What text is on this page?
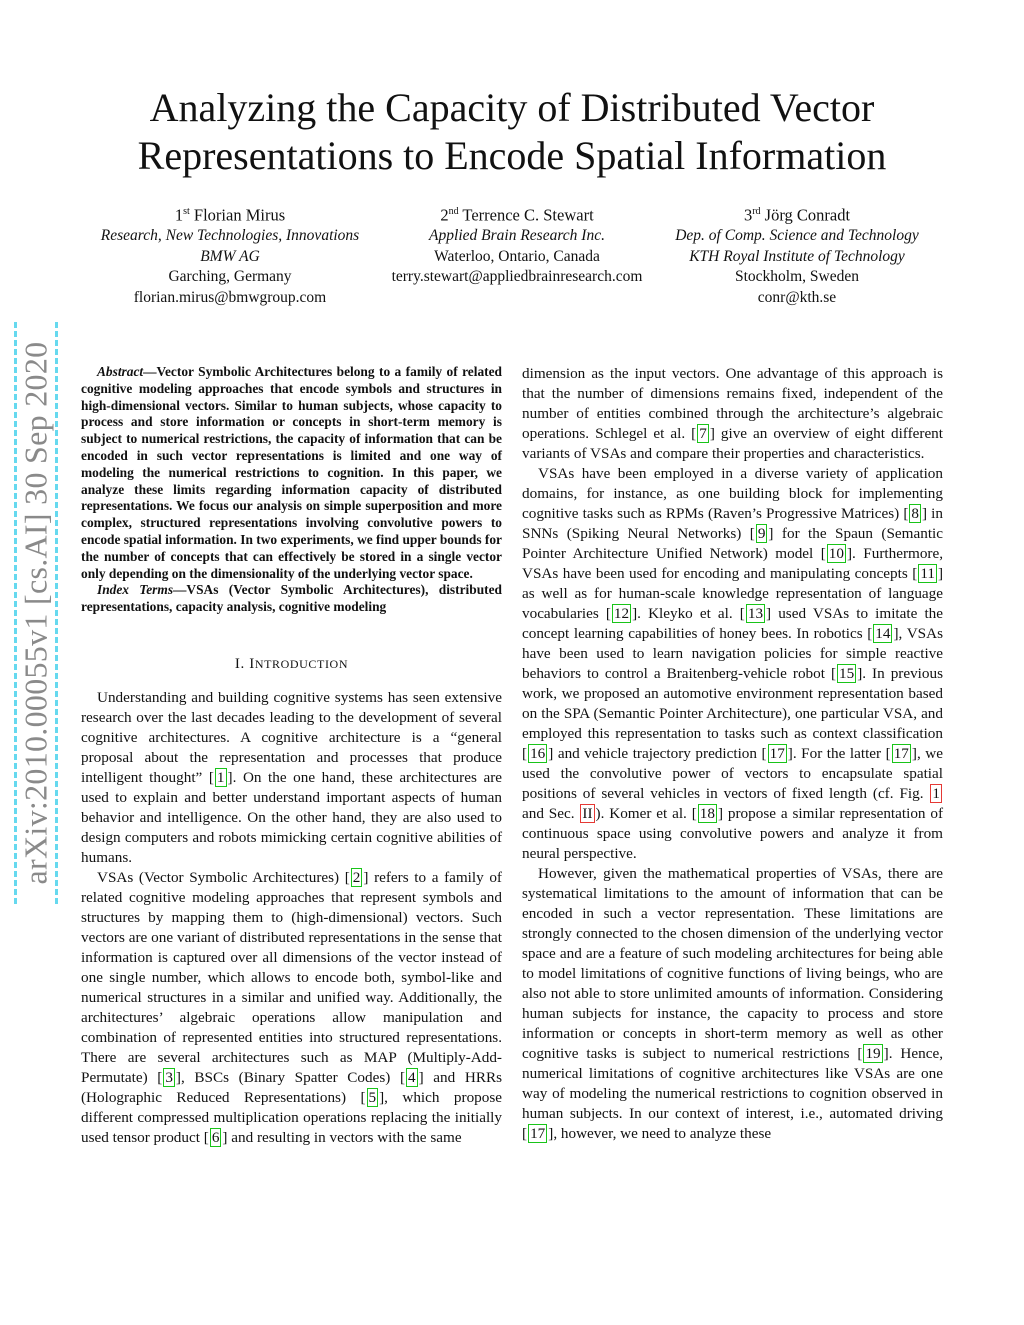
Analyzing the Capacity of Distributed Vector
Representations to Encode Spatial Information
1st Florian Mirus
Research, New Technologies, Innovations
BMW AG
Garching, Germany
florian.mirus@bmwgroup.com
2nd Terrence C. Stewart
Applied Brain Research Inc.
Waterloo, Ontario, Canada
terry.stewart@appliedbrainresearch.com
3rd Jörg Conradt
Dep. of Comp. Science and Technology
KTH Royal Institute of Technology
Stockholm, Sweden
conr@kth.se
arXiv:2010.00055v1 [cs.AI] 30 Sep 2020	Abstract—Vector Symbolic Architectures belong to a family of related cognitive modeling approaches that encode symbols and structures in high-dimensional vectors. Similar to human subjects, whose capacity to process and store information or concepts in short-term memory is subject to numerical restrictions, the capacity of information that can be encoded in such vector representations is limited and one way of modeling the numerical restrictions to cognition. In this paper, we analyze these limits regarding information capacity of distributed representations. We focus our analysis on simple superposition and more complex, structured representations involving convolutive powers to encode spatial information. In two experiments, we find upper bounds for the number of concepts that can effectively be stored in a single vector only depending on the dimensionality of the underlying vector space.

Index Terms—VSAs (Vector Symbolic Architectures), distributed representations, capacity analysis, cognitive modeling

I. INTRODUCTION

Understanding and building cognitive systems has seen extensive research over the last decades leading to the development of several cognitive architectures. A cognitive architecture is a “general proposal about the representation and processes that produce intelligent thought” [ 1 ]. On the one hand, these architectures are used to explain and better understand important aspects of human behavior and intelligence. On the other hand, they are also used to design computers and robots mimicking certain cognitive abilities of humans.

VSAs (Vector Symbolic Architectures) [ 2 ] refers to a family of related cognitive modeling approaches that represent symbols and structures by mapping them to (high-dimensional) vectors. Such vectors are one variant of distributed representations in the sense that information is captured over all dimensions of the vector instead of one single number, which allows to encode both, symbol-like and numerical structures in a similar and unified way. Additionally, the architectures’ algebraic operations allow manipulation and combination of represented entities into structured representations. There are several architectures such as MAP (Multiply-Add-Permutate) [ 3 ], BSCs (Binary Spatter Codes) [ 4 ] and HRRs (Holographic Reduced Representations) [ 5 ], which propose different compressed multiplication operations replacing the initially used tensor product [ 6 ] and resulting in vectors with the same

dimension as the input vectors. One advantage of this approach is that the number of dimensions remains fixed, independent of the number of entities combined through the architecture’s algebraic operations. Schlegel et al. [ 7 ] give an overview of eight different variants of VSAs and compare their properties and characteristics.

VSAs have been employed in a diverse variety of application domains, for instance, as one building block for implementing cognitive tasks such as RPMs (Raven’s Progressive Matrices) [ 8 ] in SNNs (Spiking Neural Networks) [ 9 ] for the Spaun (Semantic Pointer Architecture Unified Network) model [ 10 ]. Furthermore, VSAs have been used for encoding and manipulating concepts [ 11 ] as well as for human-scale knowledge representation of language vocabularies [ 12 ]. Kleyko et al. [ 13 ] used VSAs to imitate the concept learning capabilities of honey bees. In robotics [ 14 ], VSAs have been used to learn navigation policies for simple reactive behaviors to control a Braitenberg-vehicle robot [ 15 ]. In previous work, we proposed an automotive environment representation based on the SPA (Semantic Pointer Architecture), one particular VSA, and employed this representation to tasks such as context classification [ 16 ] and vehicle trajectory prediction [ 17 ]. For the latter [ 17 ], we used the convolutive power of vectors to encapsulate spatial positions of several vehicles in vectors of fixed length (cf. Fig. 1 and Sec. II ). Komer et al. [ 18 ] propose a similar representation of continuous space using convolutive powers and analyze it from neural perspective.

However, given the mathematical properties of VSAs, there are systematical limitations to the amount of information that can be encoded in such a vector representation. These limitations are strongly connected to the chosen dimension of the underlying vector space and are a feature of such modeling architectures for being able to model limitations of cognitive functions of living beings, who are also not able to store unlimited amounts of information. Considering human subjects for instance, the capacity to process and store information or concepts in short-term memory as well as other cognitive tasks is subject to numerical restrictions [ 19 ]. Hence, numerical limitations of cognitive architectures like VSAs are one way of modeling the numerical restrictions to cognition observed in human subjects. In our context of interest, i.e., automated driving [ 17 ], however, we need to analyze these
